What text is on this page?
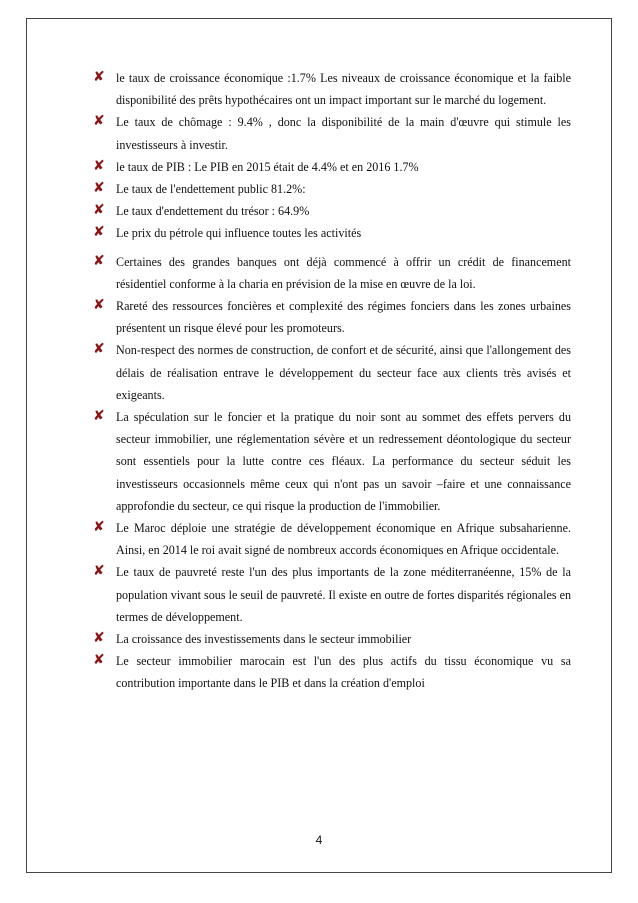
✘ le taux de croissance économique :1.7% Les niveaux de croissance économique et la faible disponibilité des prêts hypothécaires ont un impact important sur le marché du logement.
✘ Le taux de chômage : 9.4% , donc la disponibilité de la main d'œuvre qui stimule les investisseurs à investir.
✘ le taux de PIB : Le PIB en 2015 était de 4.4% et en 2016 1.7%
✘ Le taux de l'endettement public 81.2%:
✘ Le taux d'endettement du trésor : 64.9%
✘ Le prix du pétrole qui influence toutes les activités
✘ Certaines des grandes banques ont déjà commencé à offrir un crédit de financement résidentiel conforme à la charia en prévision de la mise en œuvre de la loi.
✘ Rareté des ressources foncières et complexité des régimes fonciers dans les zones urbaines présentent un risque élevé pour les promoteurs.
✘ Non-respect des normes de construction, de confort et de sécurité, ainsi que l'allongement des délais de réalisation entrave le développement du secteur face aux clients très avisés et exigeants.
✘ La spéculation sur le foncier et la pratique du noir sont au sommet des effets pervers du secteur immobilier, une réglementation sévère et un redressement déontologique du secteur sont essentiels pour la lutte contre ces fléaux. La performance du secteur séduit les investisseurs occasionnels même ceux qui n'ont pas un savoir –faire et une connaissance approfondie du secteur, ce qui risque la production de l'immobilier.
✘ Le Maroc déploie une stratégie de développement économique en Afrique subsaharienne. Ainsi, en 2014 le roi avait signé de nombreux accords économiques en Afrique occidentale.
✘ Le taux de pauvreté reste l'un des plus importants de la zone méditerranéenne, 15% de la population vivant sous le seuil de pauvreté. Il existe en outre de fortes disparités régionales en termes de développement.
✘ La croissance des investissements dans le secteur immobilier
✘ Le secteur immobilier marocain est l'un des plus actifs du tissu économique vu sa contribution importante dans le PIB et dans la création d'emploi
4
